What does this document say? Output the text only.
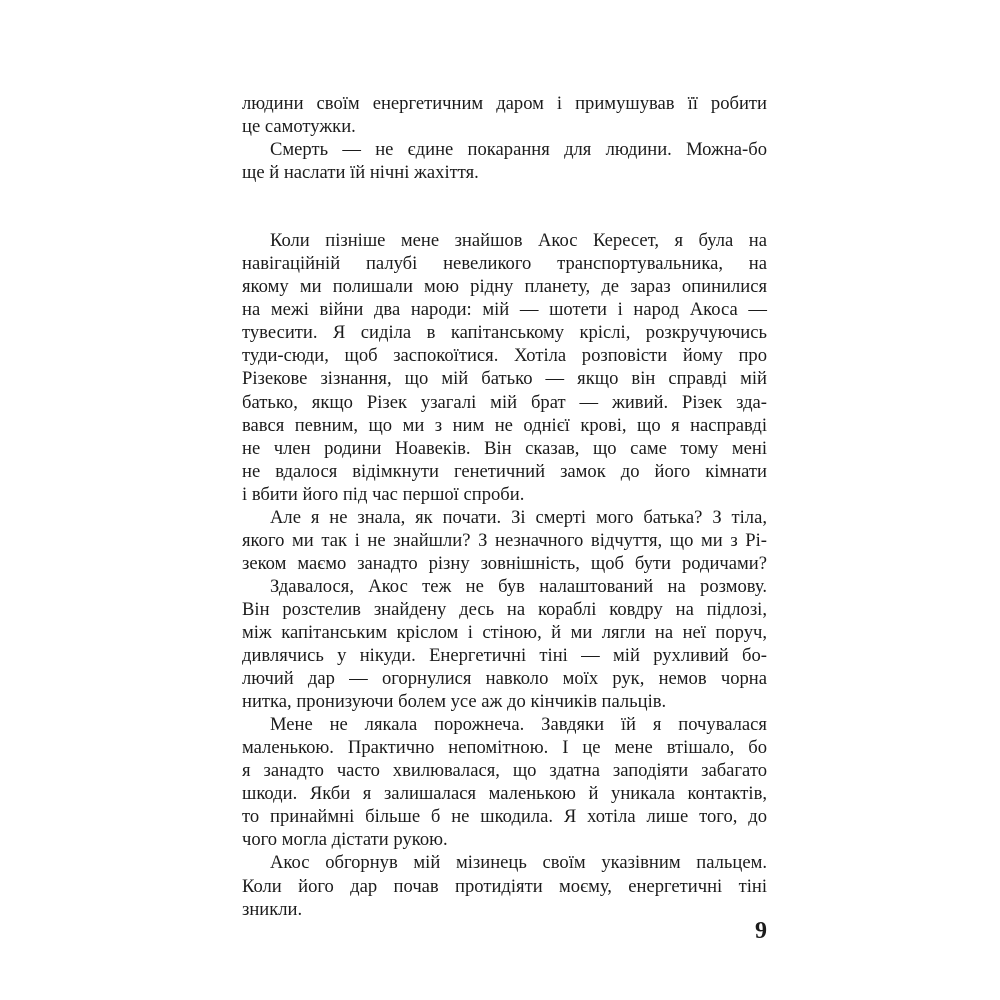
людини своїм енергетичним даром і примушував її робити
це самотужки.
Смерть — не єдине покарання для людини. Можна-бо
ще й наслати їй нічні жахіття.
Коли пізніше мене знайшов Акос Кересет, я була на
навігаційній палубі невеликого транспортувальника, на
якому ми полишали мою рідну планету, де зараз опинилися
на межі війни два народи: мій — шотети і народ Акоса —
тувесити. Я сиділа в капітанському кріслі, розкручуючись
туди-сюди, щоб заспокоїтися. Хотіла розповісти йому про
Різекове зізнання, що мій батько — якщо він справді мій
батько, якщо Різек узагалі мій брат — живий. Різек зда-
вався певним, що ми з ним не однієї крові, що я насправді
не член родини Ноавеків. Він сказав, що саме тому мені
не вдалося відімкнути генетичний замок до його кімнати
і вбити його під час першої спроби.
Але я не знала, як почати. Зі смерті мого батька? З тіла,
якого ми так і не знайшли? З незначного відчуття, що ми з Рі-
зеком маємо занадто різну зовнішність, щоб бути родичами?
Здавалося, Акос теж не був налаштований на розмову.
Він розстелив знайдену десь на кораблі ковдру на підлозі,
між капітанським кріслом і стіною, й ми лягли на неї поруч,
дивлячись у нікуди. Енергетичні тіні — мій рухливий бо-
лючий дар — огорнулися навколо моїх рук, немов чорна
нитка, пронизуючи болем усе аж до кінчиків пальців.
Мене не лякала порожнеча. Завдяки їй я почувалася
маленькою. Практично непомітною. І це мене втішало, бо
я занадто часто хвилювалася, що здатна заподіяти забагато
шкоди. Якби я залишалася маленькою й уникала контактів,
то принаймні більше б не шкодила. Я хотіла лише того, до
чого могла дістати рукою.
Акос обгорнув мій мізинець своїм указівним пальцем.
Коли його дар почав протидіяти моєму, енергетичні тіні
зникли.
9
